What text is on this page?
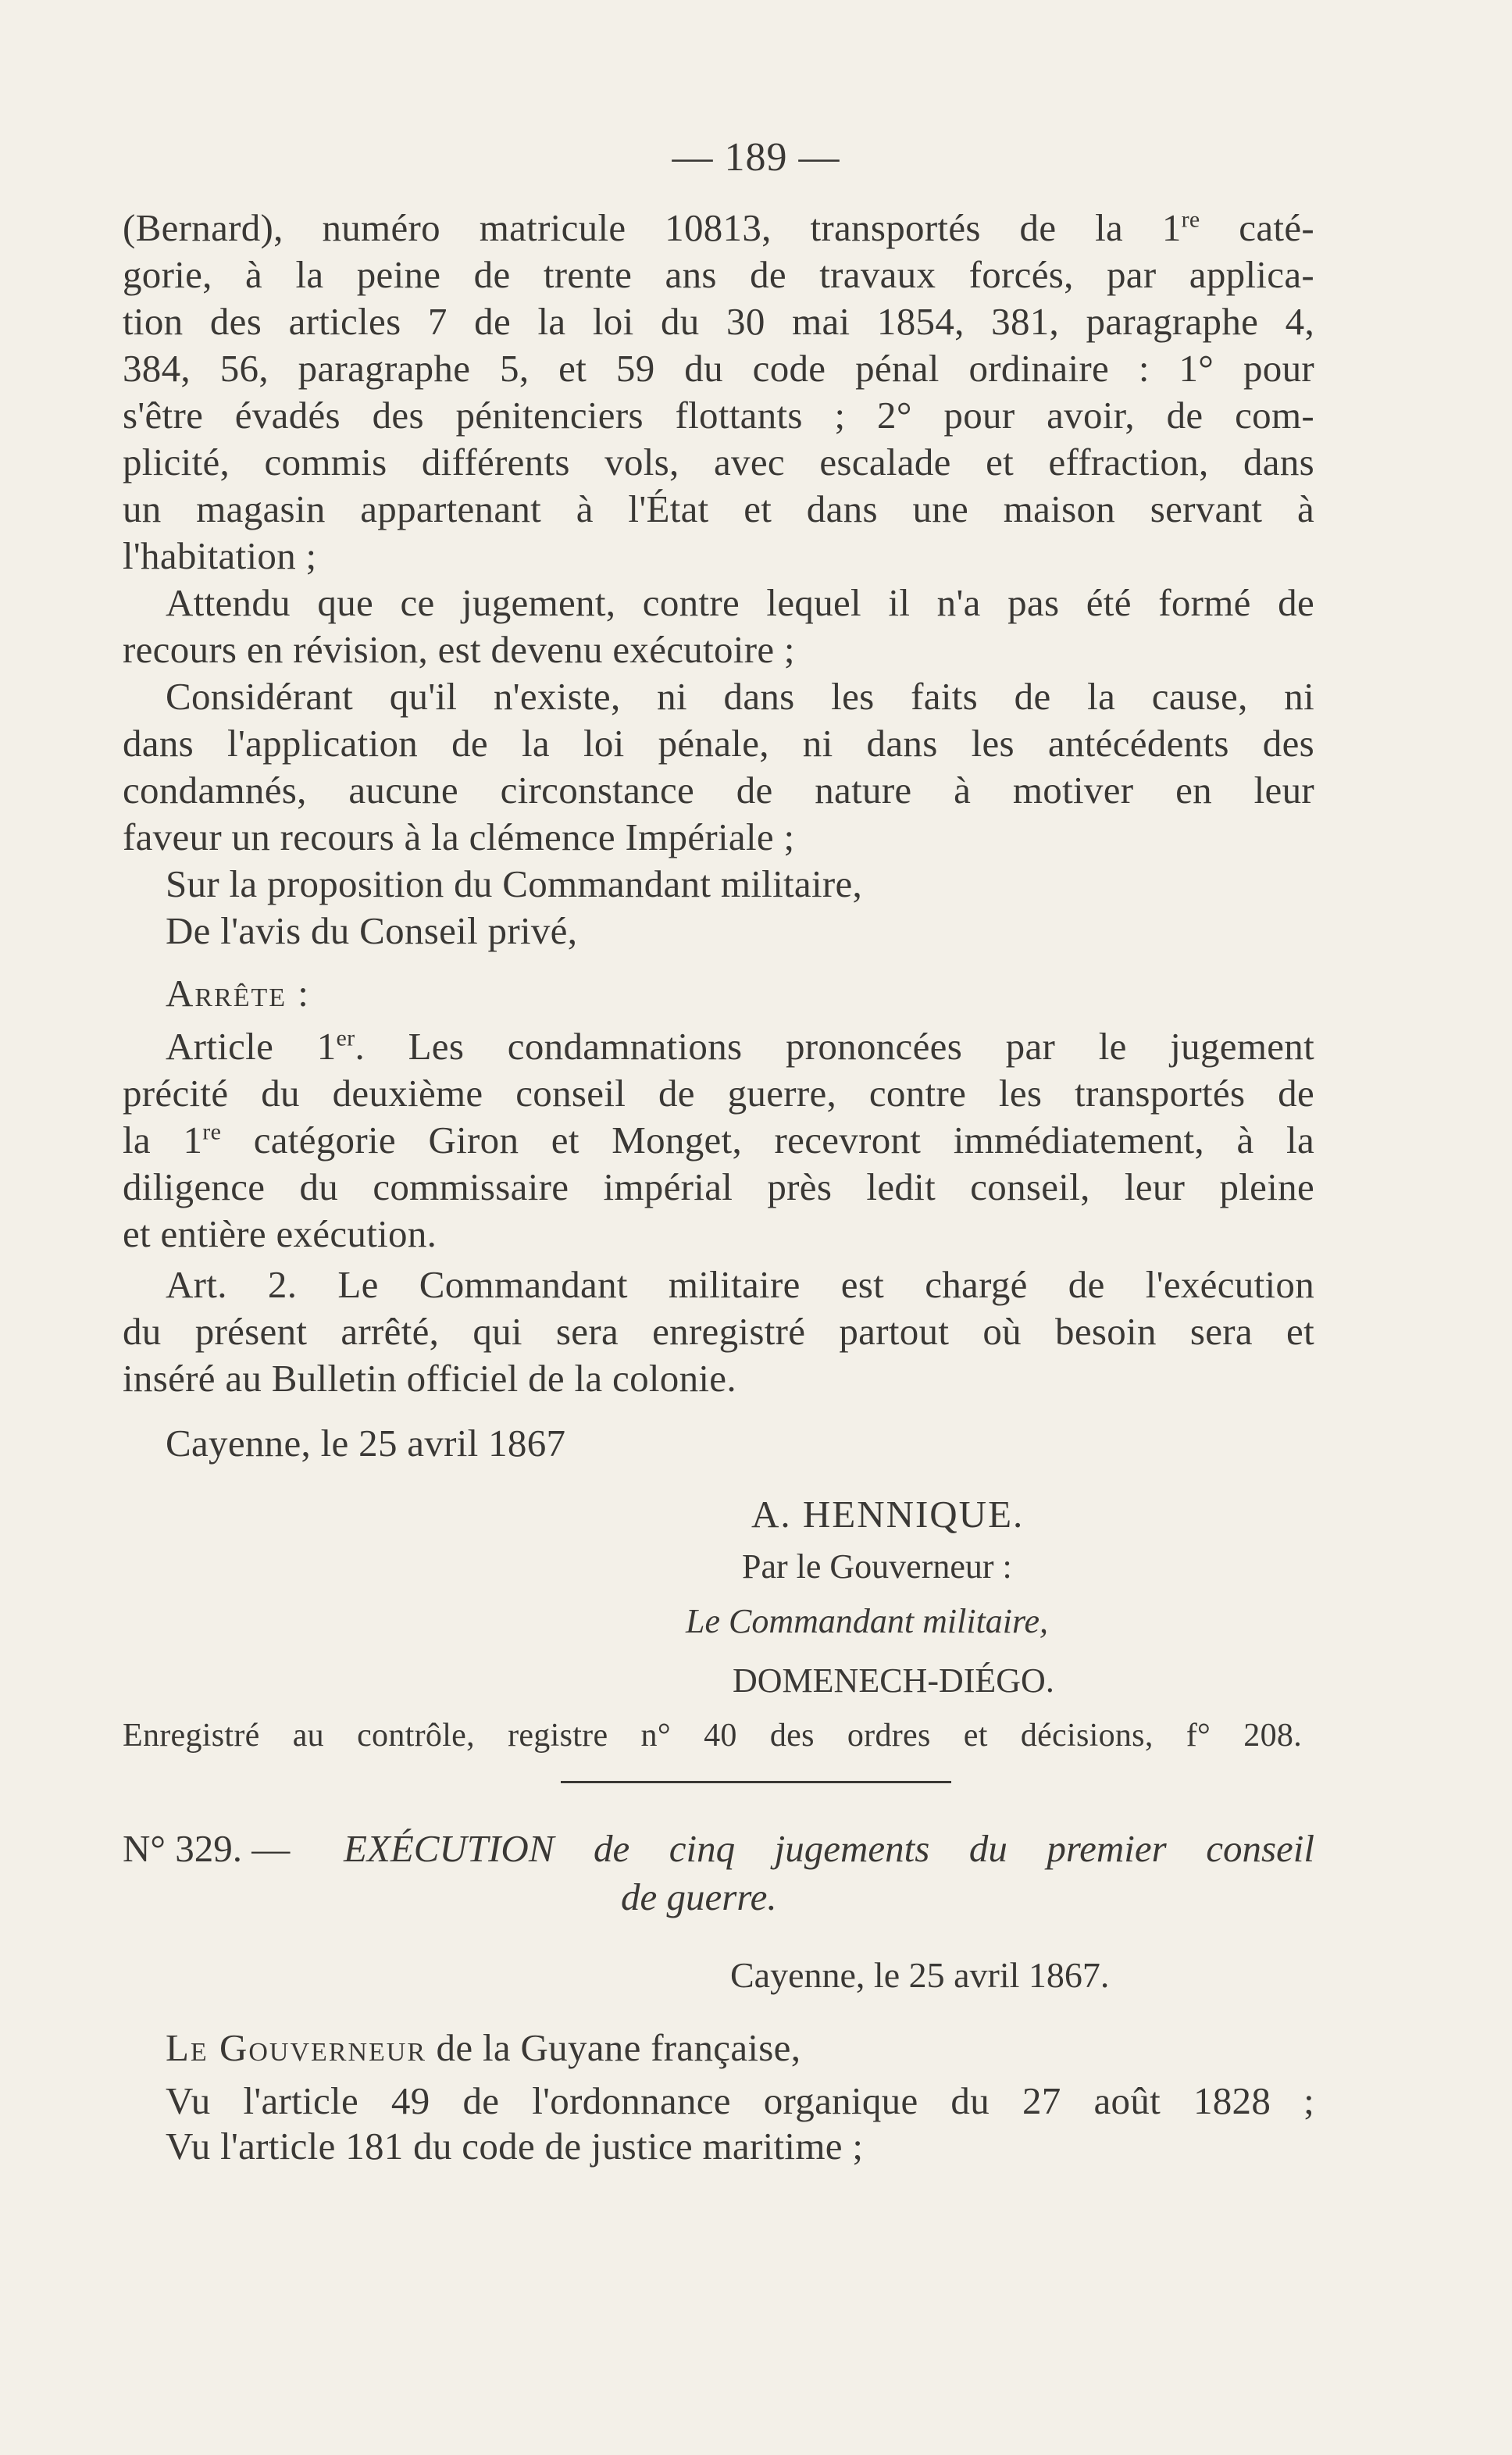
— 189 —
(Bernard), numéro matricule 10813, transportés de la 1re caté-
gorie, à la peine de trente ans de travaux forcés, par applica-
tion des articles 7 de la loi du 30 mai 1854, 381, paragraphe 4,
384, 56, paragraphe 5, et 59 du code pénal ordinaire : 1° pour
s'être évadés des pénitenciers flottants ; 2° pour avoir, de com-
plicité, commis différents vols, avec escalade et effraction, dans
un magasin appartenant à l'État et dans une maison servant à
l'habitation ;
Attendu que ce jugement, contre lequel il n'a pas été formé de
recours en révision, est devenu exécutoire ;
Considérant qu'il n'existe, ni dans les faits de la cause, ni
dans l'application de la loi pénale, ni dans les antécédents des
condamnés, aucune circonstance de nature à motiver en leur
faveur un recours à la clémence Impériale ;
Sur la proposition du Commandant militaire,
De l'avis du Conseil privé,
Arrête :
Article 1er. Les condamnations prononcées par le jugement
précité du deuxième conseil de guerre, contre les transportés de
la 1re catégorie Giron et Monget, recevront immédiatement, à la
diligence du commissaire impérial près ledit conseil, leur pleine
et entière exécution.
Art. 2. Le Commandant militaire est chargé de l'exécution
du présent arrêté, qui sera enregistré partout où besoin sera et
inséré au Bulletin officiel de la colonie.
Cayenne, le 25 avril 1867
A. HENNIQUE.
Par le Gouverneur :
Le Commandant militaire,
DOMENECH-DIÉGO.
Enregistré au contrôle, registre n° 40 des ordres et décisions, f° 208.
N° 329. — EXÉCUTION de cinq jugements du premier conseil
de guerre.
Cayenne, le 25 avril 1867.
Le Gouverneur de la Guyane française,
Vu l'article 49 de l'ordonnance organique du 27 août 1828 ;
Vu l'article 181 du code de justice maritime ;
